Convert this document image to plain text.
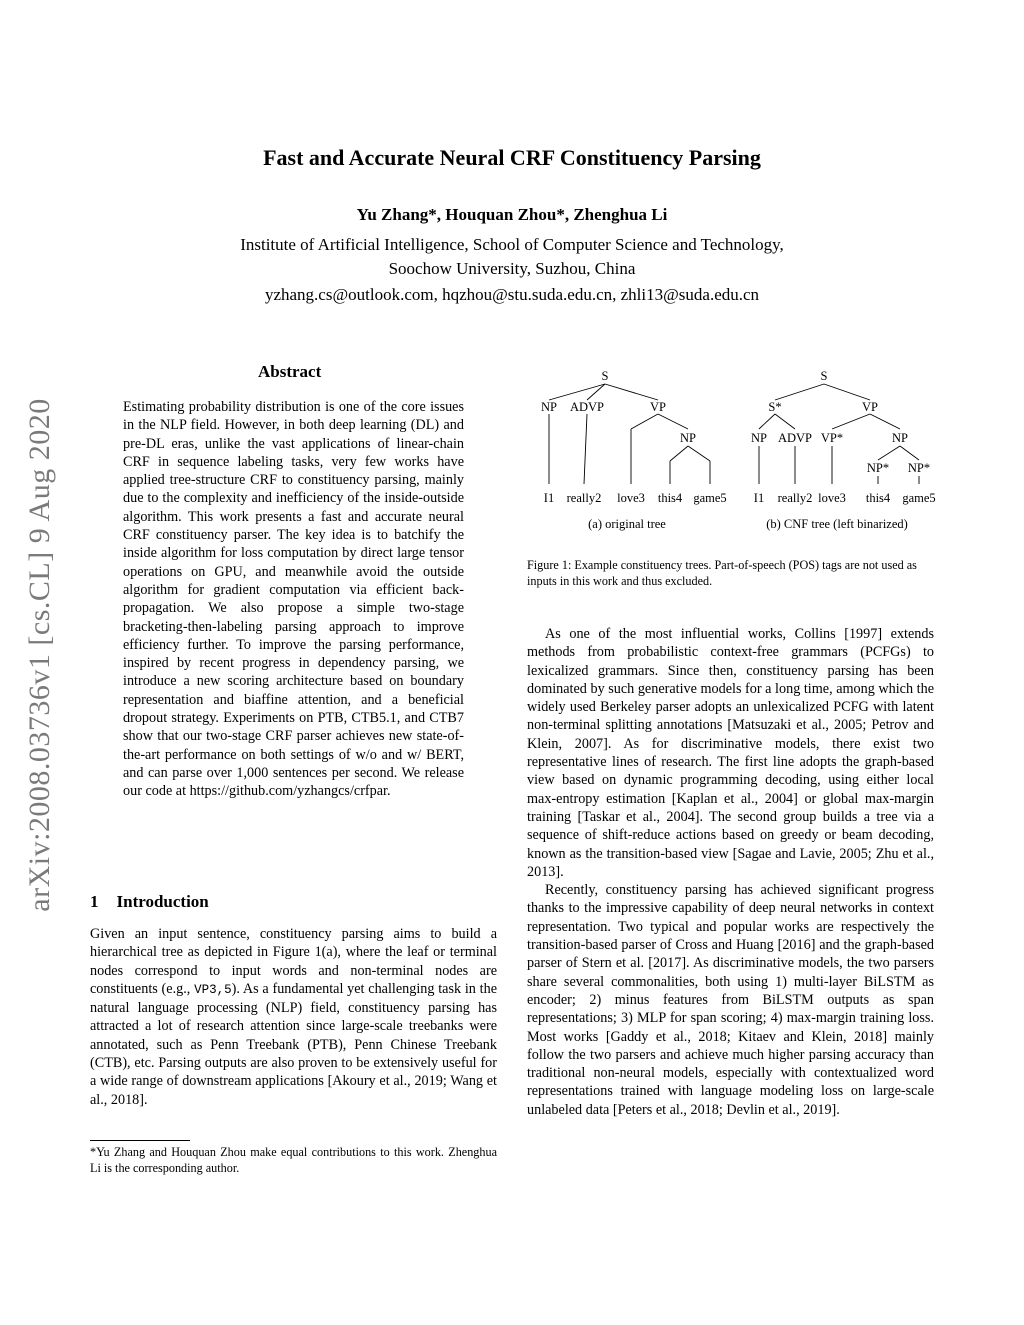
arXiv:2008.03736v1 [cs.CL] 9 Aug 2020
Fast and Accurate Neural CRF Constituency Parsing
Yu Zhang*, Houquan Zhou*, Zhenghua Li
Institute of Artificial Intelligence, School of Computer Science and Technology,
Soochow University, Suzhou, China
yzhang.cs@outlook.com, hqzhou@stu.suda.edu.cn, zhli13@suda.edu.cn
Abstract

Estimating probability distribution is one of the core issues in the NLP field. However, in both deep learning (DL) and pre-DL eras, unlike the vast applications of linear-chain CRF in sequence labeling tasks, very few works have applied tree-structure CRF to constituency parsing, mainly due to the complexity and inefficiency of the inside-outside algorithm. This work presents a fast and accurate neural CRF constituency parser. The key idea is to batchify the inside algorithm for loss computation by direct large tensor operations on GPU, and meanwhile avoid the outside algorithm for gradient computation via efficient back-propagation. We also propose a simple two-stage bracketing-then-labeling parsing approach to improve efficiency further. To improve the parsing performance, inspired by recent progress in dependency parsing, we introduce a new scoring architecture based on boundary representation and biaffine attention, and a beneficial dropout strategy. Experiments on PTB, CTB5.1, and CTB7 show that our two-stage CRF parser achieves new state-of-the-art performance on both settings of w/o and w/ BERT, and can parse over 1,000 sentences per second. We release our code at https://github.com/yzhangcs/crfpar.

1 Introduction

Given an input sentence, constituency parsing aims to build a hierarchical tree as depicted in Figure 1(a), where the leaf or terminal nodes correspond to input words and non-terminal nodes are constituents (e.g., VP3,5). As a fundamental yet challenging task in the natural language processing (NLP) field, constituency parsing has attracted a lot of research attention since large-scale treebanks were annotated, such as Penn Treebank (PTB), Penn Chinese Treebank (CTB), etc. Parsing outputs are also proven to be extensively useful for a wide range of downstream applications [Akoury et al., 2019; Wang et al., 2018].

*Yu Zhang and Houquan Zhou make equal contributions to this work. Zhenghua Li is the corresponding author.
S
NP ADVP	VP
NP
S
S*	VP
NP ADVP VP*	NP
NP* NP*
I1 really2 love3 this4 game5 I1 really2 love3 this4 game5
(a) original tree	(b) CNF tree (left binarized)
Figure 1: Example constituency trees. Part-of-speech (POS) tags are not used as inputs in this work and thus excluded.

As one of the most influential works, Collins [1997] extends methods from probabilistic context-free grammars (PCFGs) to lexicalized grammars. Since then, constituency parsing has been dominated by such generative models for a long time, among which the widely used Berkeley parser adopts an unlexicalized PCFG with latent non-terminal splitting annotations [Matsuzaki et al., 2005; Petrov and Klein, 2007]. As for discriminative models, there exist two representative lines of research. The first line adopts the graph-based view based on dynamic programming decoding, using either local max-entropy estimation [Kaplan et al., 2004] or global max-margin training [Taskar et al., 2004]. The second group builds a tree via a sequence of shift-reduce actions based on greedy or beam decoding, known as the transition-based view [Sagae and Lavie, 2005; Zhu et al., 2013].

Recently, constituency parsing has achieved significant progress thanks to the impressive capability of deep neural networks in context representation. Two typical and popular works are respectively the transition-based parser of Cross and Huang [2016] and the graph-based parser of Stern et al. [2017]. As discriminative models, the two parsers share several commonalities, both using 1) multi-layer BiLSTM as encoder; 2) minus features from BiLSTM outputs as span representations; 3) MLP for span scoring; 4) max-margin training loss. Most works [Gaddy et al., 2018; Kitaev and Klein, 2018] mainly follow the two parsers and achieve much higher parsing accuracy than traditional non-neural models, especially with contextualized word representations trained with language modeling loss on large-scale unlabeled data [Peters et al., 2018; Devlin et al., 2019].
